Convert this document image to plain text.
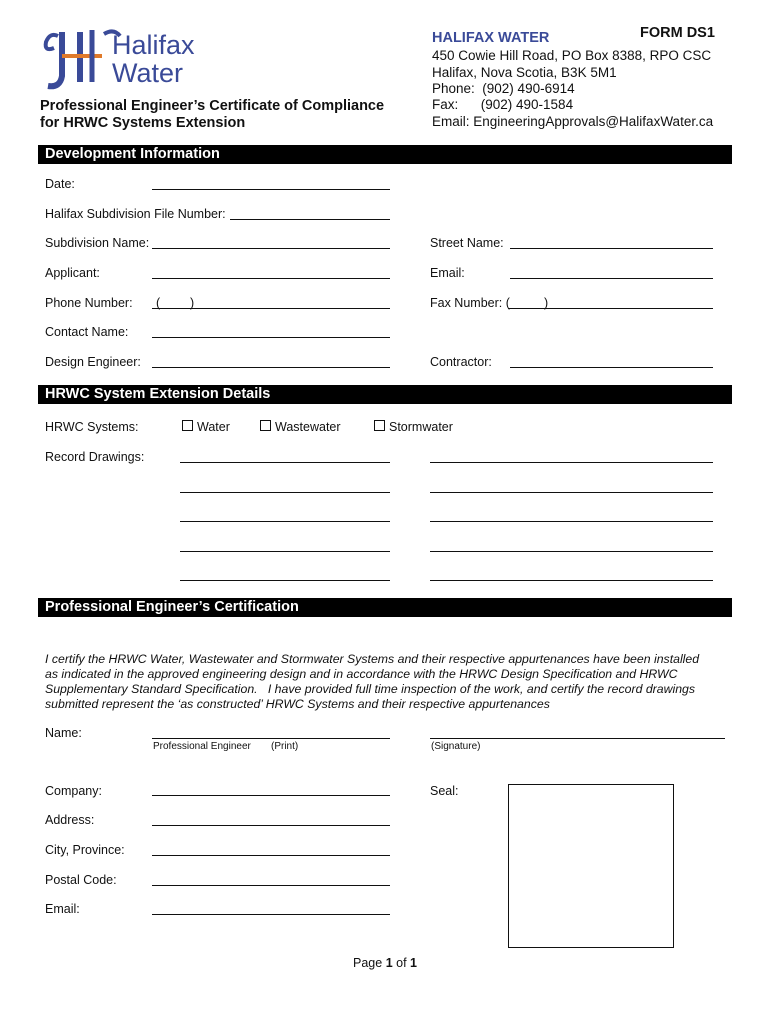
Halifax
Water
HALIFAX WATER	FORM DS1
450 Cowie Hill Road, PO Box 8388, RPO CSC
Halifax, Nova Scotia, B3K 5M1
Phone:  (902) 490-6914
Fax:      (902) 490-1584
Email: EngineeringApprovals@HalifaxWater.ca
Professional Engineer’s Certificate of Compliance
for HRWC Systems Extension
Development Information
Date:
Halifax Subdivision File Number:
Subdivision Name:	Street Name:
Applicant:	Email:
Phone Number: ( )	Fax Number: (	)
Contact Name:
Design Engineer:	Contractor:
HRWC System Extension Details
HRWC Systems:	Water	Wastewater	Stormwater
Record Drawings:
Professional Engineer’s Certification

I certify the HRWC Water, Wastewater and Stormwater Systems and their respective appurtenances have been installed
as indicated in the approved engineering design and in accordance with the HRWC Design Specification and HRWC
Supplementary Standard Specification.   I have provided full time inspection of the work, and certify the record drawings
submitted represent the ‘as constructed’ HRWC Systems and their respective appurtenances

Name:
Professional Engineer (Print)	(Signature)
Company:	Seal:
Address:
City, Province:
Postal Code:
Email:
Page 1 of 1
